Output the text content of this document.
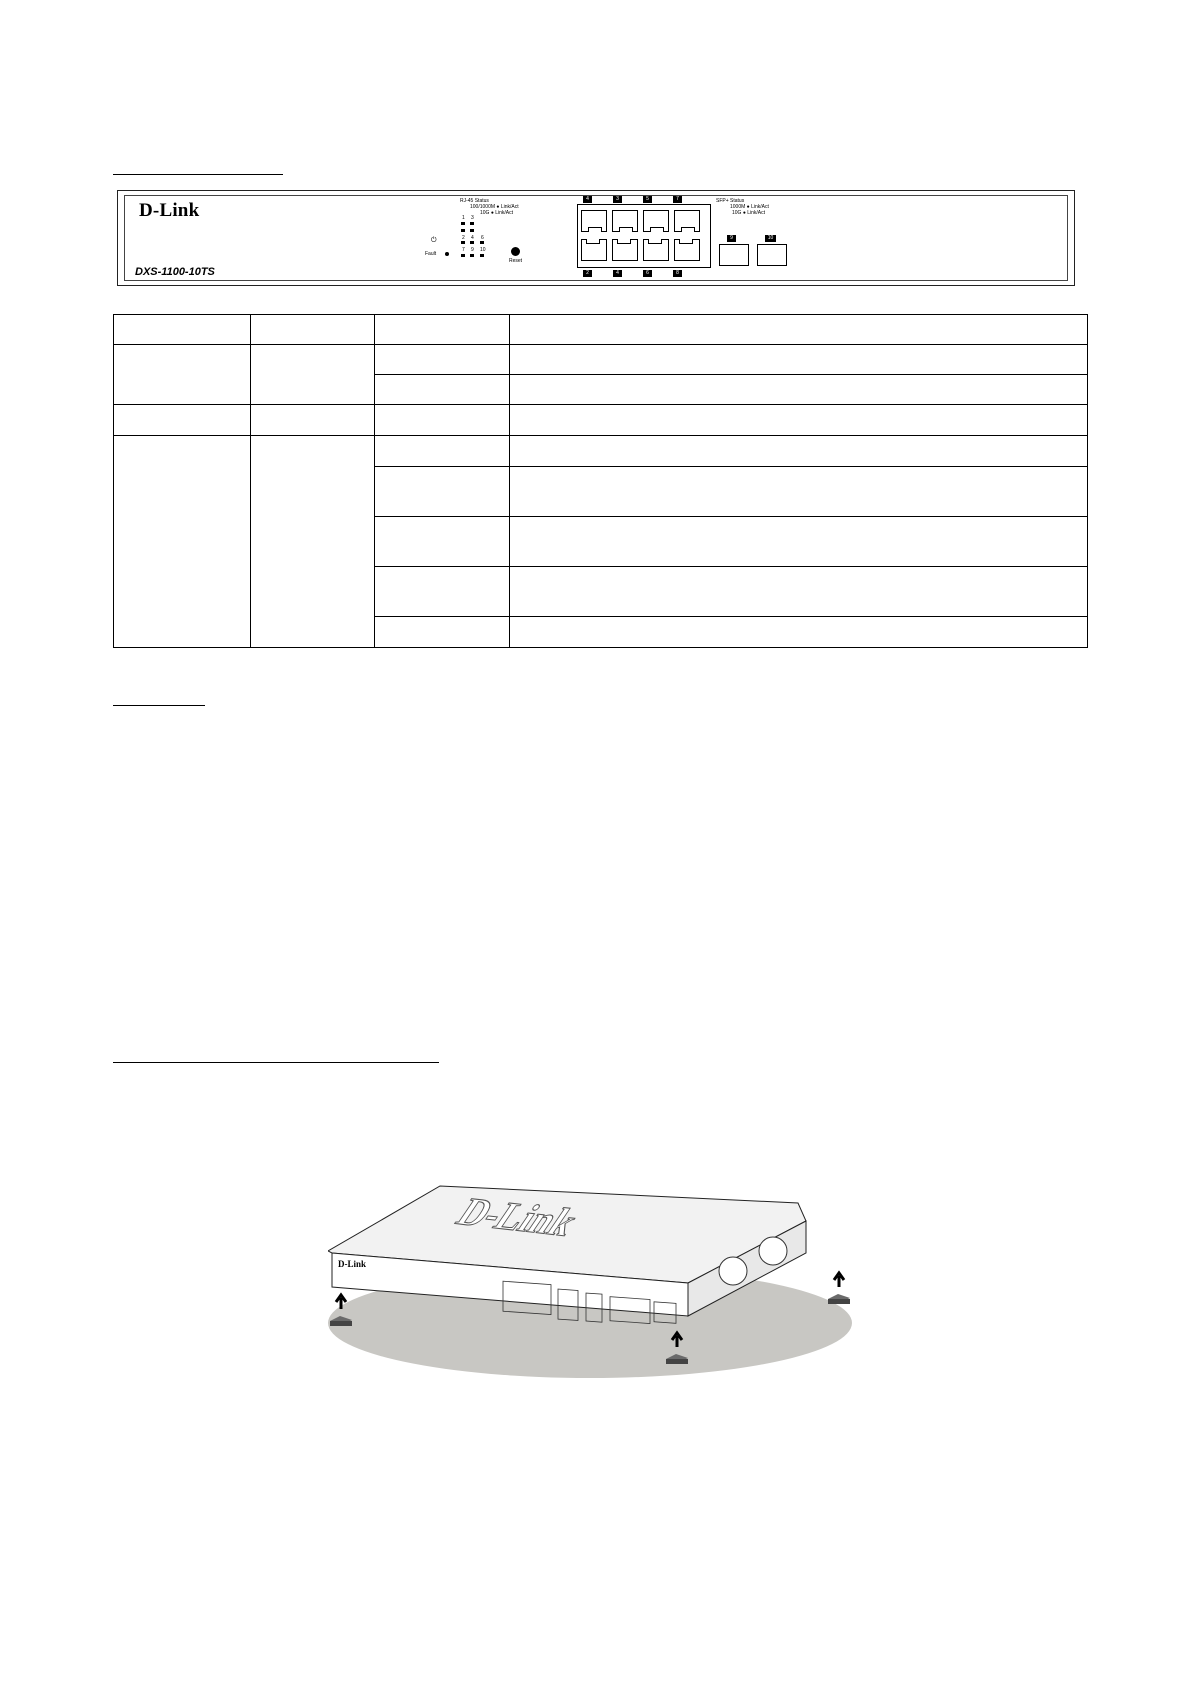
D-Link
DXS-1100-10TS
RJ-45 Status
100/1000M ● Link/Act
10G ● Link/Act
SFP+ Status
1000M ● Link/Act
10G ● Link/Act
⏻
Fault
1 3
2 4 6
7 9 10
Reset
4	3	5	7
2	4	6	8
9	10

D-Link
D-Link
